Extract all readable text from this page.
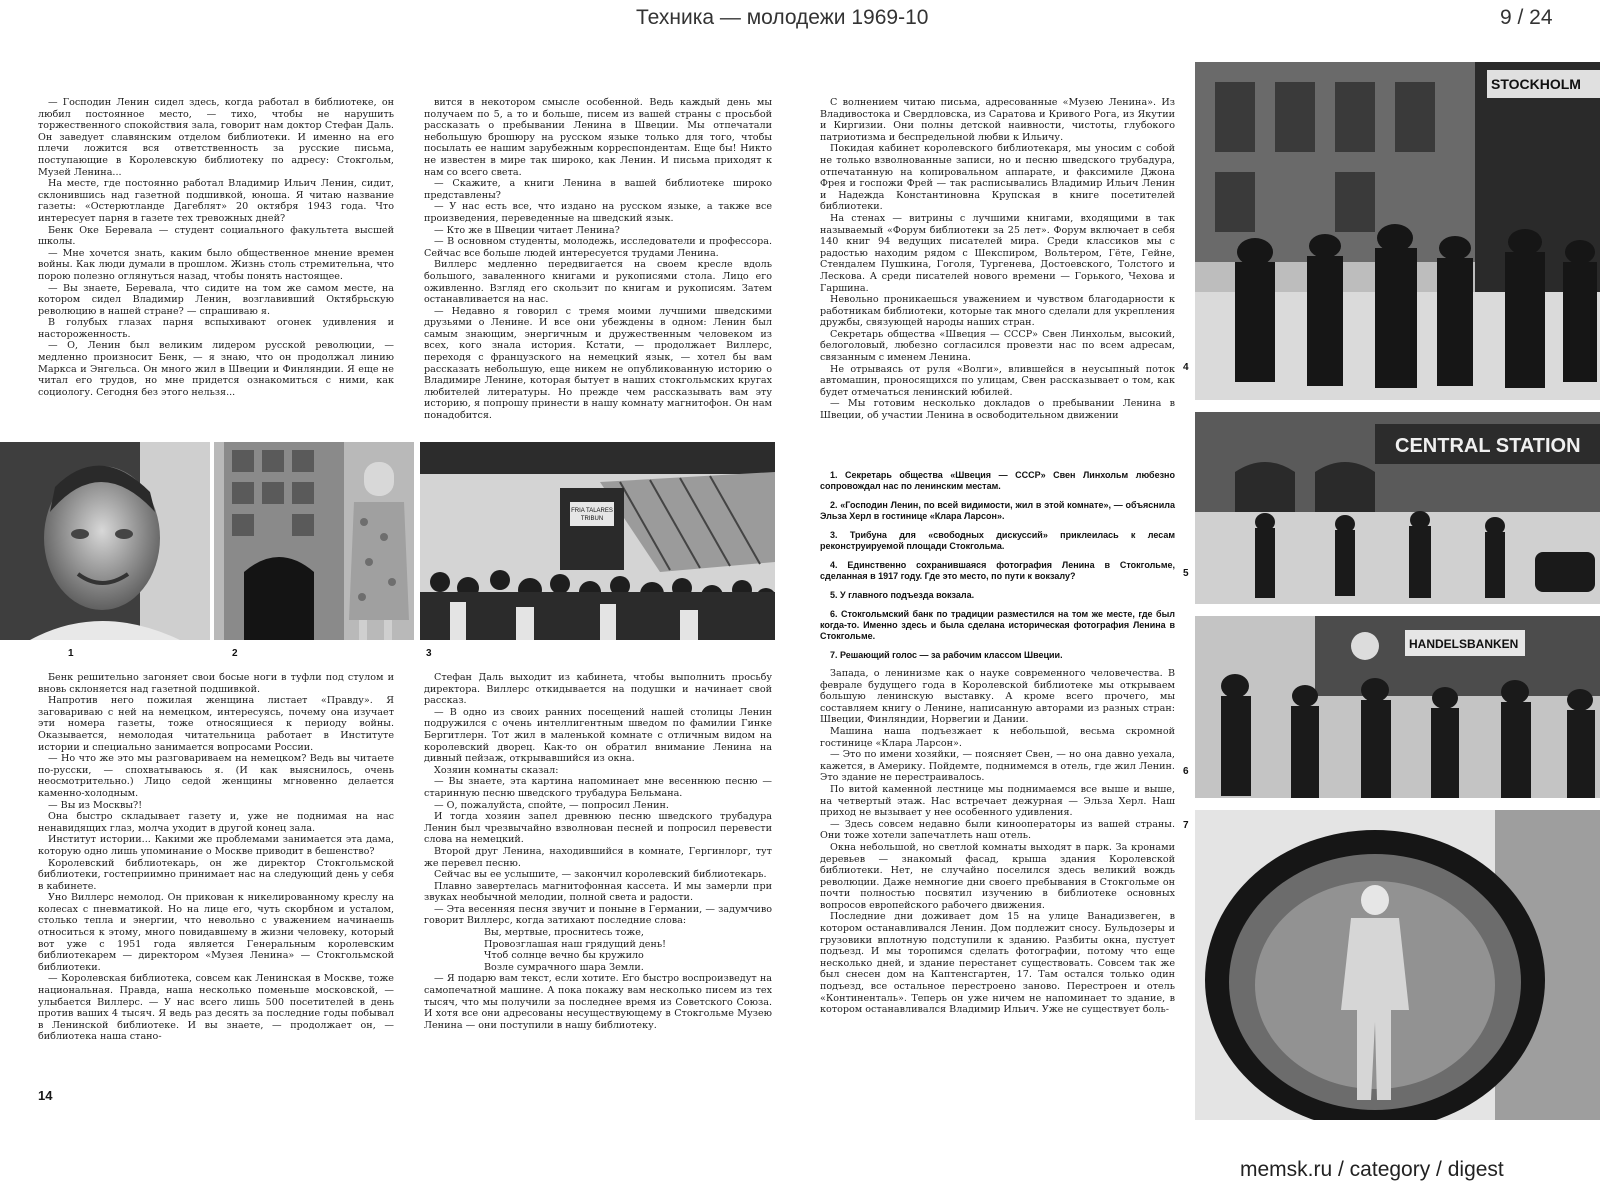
Техника — молодежи 1969-10	9 / 24

— Господин Ленин сидел здесь, когда работал в библиотеке, он любил постоянное место, — тихо, чтобы не нарушить торжественного спокойствия зала, говорит нам доктор Стефан Даль. Он заведует славянским отделом библиотеки. И именно на его плечи ложится вся ответственность за русские письма, поступающие в Королевскую библиотеку по адресу: Стокгольм, Музей Ленина...

На месте, где постоянно работал Владимир Ильич Ленин, сидит, склонившись над газетной подшивкой, юноша. Я читаю название газеты: «Остерютланде Дагеблят» 20 октября 1943 года. Что интересует парня в газете тех тревожных дней?

Бенк Оке Беревала — студент социального факультета высшей школы.

— Мне хочется знать, каким было общественное мнение времен войны. Как люди думали в прошлом. Жизнь столь стремительна, что порою полезно оглянуться назад, чтобы понять настоящее.

— Вы знаете, Беревала, что сидите на том же самом месте, на котором сидел Владимир Ленин, возглавивший Октябрьскую революцию в нашей стране? — спрашиваю я.

В голубых глазах парня вспыхивают огонек удивления и настороженность.

— О, Ленин был великим лидером русской революции, — медленно произносит Бенк, — я знаю, что он продолжал линию Маркса и Энгельса. Он много жил в Швеции и Финляндии. Я еще не читал его трудов, но мне придется ознакомиться с ними, как социологу. Сегодня без этого нельзя...

вится в некотором смысле особенной. Ведь каждый день мы получаем по 5, а то и больше, писем из вашей страны с просьбой рассказать о пребывании Ленина в Швеции. Мы отпечатали небольшую брошюру на русском языке только для того, чтобы посылать ее нашим зарубежным корреспондентам. Еще бы! Никто не известен в мире так широко, как Ленин. И письма приходят к нам со всего света.

— Скажите, а книги Ленина в вашей библиотеке широко представлены?

— У нас есть все, что издано на русском языке, а также все произведения, переведенные на шведский язык.

— Кто же в Швеции читает Ленина?

— В основном студенты, молодежь, исследователи и профессора. Сейчас все больше людей интересуется трудами Ленина.

Виллерс медленно передвигается на своем кресле вдоль большого, заваленного книгами и рукописями стола. Лицо его оживленно. Взгляд его скользит по книгам и рукописям. Затем останавливается на нас.

— Недавно я говорил с тремя моими лучшими шведскими друзьями о Ленине. И все они убеждены в одном: Ленин был самым знающим, энергичным и дружественным человеком из всех, кого знала история. Кстати, — продолжает Виллерс, переходя с французского на немецкий язык, — хотел бы вам рассказать небольшую, еще никем не опубликованную историю о Владимире Ленине, которая бытует в наших стокгольмских кругах любителей литературы. Но прежде чем рассказывать вам эту историю, я попрошу принести в нашу комнату магнитофон. Он нам понадобится.

1	2
FRIA TALARES
TRIBUN
3

Бенк решительно загоняет свои босые ноги в туфли под стулом и вновь склоняется над газетной подшивкой.

Напротив него пожилая женщина листает «Правду». Я заговариваю с ней на немецком, интересуясь, почему она изучает эти номера газеты, тоже относящиеся к периоду войны. Оказывается, немолодая читательница работает в Институте истории и специально занимается вопросами России.

— Но что же это мы разговариваем на немецком? Ведь вы читаете по-русски, — спохватываюсь я. (И как выяснилось, очень неосмотрительно.) Лицо седой женщины мгновенно делается каменно-холодным.

— Вы из Москвы?!

Она быстро складывает газету и, уже не поднимая на нас ненавидящих глаз, молча уходит в другой конец зала.

Институт истории... Какими же проблемами занимается эта дама, которую одно лишь упоминание о Москве приводит в бешенство?

Королевский библиотекарь, он же директор Стокгольмской библиотеки, гостеприимно принимает нас на следующий день у себя в кабинете.

Уно Виллерс немолод. Он прикован к никелированному креслу на колесах с пневматикой. Но на лице его, чуть скорбном и усталом, столько тепла и энергии, что невольно с уважением начинаешь относиться к этому, много повидавшему в жизни человеку, который вот уже с 1951 года является Генеральным королевским библиотекарем — директором «Музея Ленина» — Стокгольмской библиотеки.

— Королевская библиотека, совсем как Ленинская в Москве, тоже национальная. Правда, наша несколько поменьше московской, — улыбается Виллерс. — У нас всего лишь 500 посетителей в день против ваших 4 тысяч. Я ведь раз десять за последние годы побывал в Ленинской библиотеке. И вы знаете, — продолжает он, — библиотека наша стано-

Стефан Даль выходит из кабинета, чтобы выполнить просьбу директора. Виллерс откидывается на подушки и начинает свой рассказ.

— В одно из своих ранних посещений нашей столицы Ленин подружился с очень интеллигентным шведом по фамилии Гинке Бергитлерн. Тот жил в маленькой комнате с отличным видом на королевский дворец. Как-то он обратил внимание Ленина на дивный пейзаж, открывавшийся из окна.

Хозяин комнаты сказал:

— Вы знаете, эта картина напоминает мне весеннюю песню — старинную песню шведского трубадура Бельмана.

— О, пожалуйста, спойте, — попросил Ленин.

И тогда хозяин запел древнюю песню шведского трубадура Ленин был чрезвычайно взволнован песней и попросил перевести слова на немецкий.

Второй друг Ленина, находившийся в комнате, Гергинлорг, тут же перевел песню.

Сейчас вы ее услышите, — закончил королевский библиотекарь.

Плавно завертелась магнитофонная кассета. И мы замерли при звуках необычной мелодии, полной света и радости.

— Эта весенняя песня звучит и поныне в Германии, — задумчиво говорит Виллерс, когда затихают последние слова:

Вы, мертвые, проснитесь тоже,

Провозглашая наш грядущий день!

Чтоб солнце вечно бы кружило

Возле сумрачного шара Земли.

— Я подарю вам текст, если хотите. Его быстро воспроизведут на самопечатной машине. А пока покажу вам несколько писем из тех тысяч, что мы получили за последнее время из Советского Союза. И хотя все они адресованы несуществующему в Стокгольме Музею Ленина — они поступили в нашу библиотеку.

14

С волнением читаю письма, адресованные «Музею Ленина». Из Владивостока и Свердловска, из Саратова и Кривого Рога, из Якутии и Киргизии. Они полны детской наивности, чистоты, глубокого патриотизма и беспредельной любви к Ильичу.

Покидая кабинет королевского библиотекаря, мы уносим с собой не только взволнованные записи, но и песню шведского трубадура, отпечатанную на копировальном аппарате, и факсимиле Джона Фрея и госпожи Фрей — так расписывались Владимир Ильич Ленин и Надежда Константиновна Крупская в книге посетителей библиотеки.

На стенах — витрины с лучшими книгами, входящими в так называемый «Форум библиотеки за 25 лет». Форум включает в себя 140 книг 94 ведущих писателей мира. Среди классиков мы с радостью находим рядом с Шекспиром, Вольтером, Гёте, Гейне, Стендалем Пушкина, Гоголя, Тургенева, Достоевского, Толстого и Лескова. А среди писателей нового времени — Горького, Чехова и Гаршина.

Невольно проникаешься уважением и чувством благодарности к работникам библиотеки, которые так много сделали для укрепления дружбы, связующей народы наших стран.

Секретарь общества «Швеция — СССР» Свен Линхольм, высокий, белоголовый, любезно согласился провезти нас по всем адресам, связанным с именем Ленина.

Не отрываясь от руля «Волги», влившейся в неусыпный поток автомашин, проносящихся по улицам, Свен рассказывает о том, как будет отмечаться ленинский юбилей.

— Мы готовим несколько докладов о пребывании Ленина в Швеции, об участии Ленина в освободительном движении

1. Секретарь общества «Швеция — СССР» Свен Линхольм любезно сопровождал нас по ленинским местам.

2. «Господин Ленин, по всей видимости, жил в этой комнате», — объяснила Эльза Херл в гостинице «Клара Ларсон».

3. Трибуна для «свободных дискуссий» приклеилась к лесам реконструируемой площади Стокгольма.

4. Единственно сохранившаяся фотография Ленина в Стокгольме, сделанная в 1917 году. Где это место, по пути к вокзалу?

5. У главного подъезда вокзала.

6. Стокгольмский банк по традиции разместился на том же месте, где был когда-то. Именно здесь и была сделана историческая фотография Ленина в Стокгольме.

7. Решающий голос — за рабочим классом Швеции.

Запада, о ленинизме как о науке современного человечества. В феврале будущего года в Королевской библиотеке мы открываем большую ленинскую выставку. А кроме всего прочего, мы составляем книгу о Ленине, написанную авторами из разных стран: Швеции, Финляндии, Норвегии и Дании.

Машина наша подъезжает к небольшой, весьма скромной гостинице «Клара Ларсон».

— Это по имени хозяйки, — поясняет Свен, — но она давно уехала, кажется, в Америку. Пойдемте, поднимемся в отель, где жил Ленин. Это здание не перестраивалось.

По витой каменной лестнице мы поднимаемся все выше и выше, на четвертый этаж. Нас встречает дежурная — Эльза Херл. Наш приход не вызывает у нее особенного удивления.

— Здесь совсем недавно были кинооператоры из вашей страны. Они тоже хотели запечатлеть наш отель.

Окна небольшой, но светлой комнаты выходят в парк. За кронами деревьев — знакомый фасад, крыша здания Королевской библиотеки. Нет, не случайно поселился здесь великий вождь революции. Даже немногие дни своего пребывания в Стокгольме он почти полностью посвятил изучению в библиотеке основных вопросов европейского рабочего движения.

Последние дни доживает дом 15 на улице Ванадизвеген, в котором останавливался Ленин. Дом подлежит сносу. Бульдозеры и грузовики вплотную подступили к зданию. Разбиты окна, пустует подъезд. И мы торопимся сделать фотографии, потому что еще несколько дней, и здание перестанет существовать. Совсем так же был снесен дом на Каптенсгартен, 17. Там остался только один подъезд, все остальное перестроено заново. Перестроен и отель «Континенталь». Теперь он уже ничем не напоминает то здание, в котором останавливался Владимир Ильич. Уже не существует боль-

STOCKHOLM
4
CENTRAL STATION
5
HANDELSBANKEN
6
7
memsk.ru / category / digest
